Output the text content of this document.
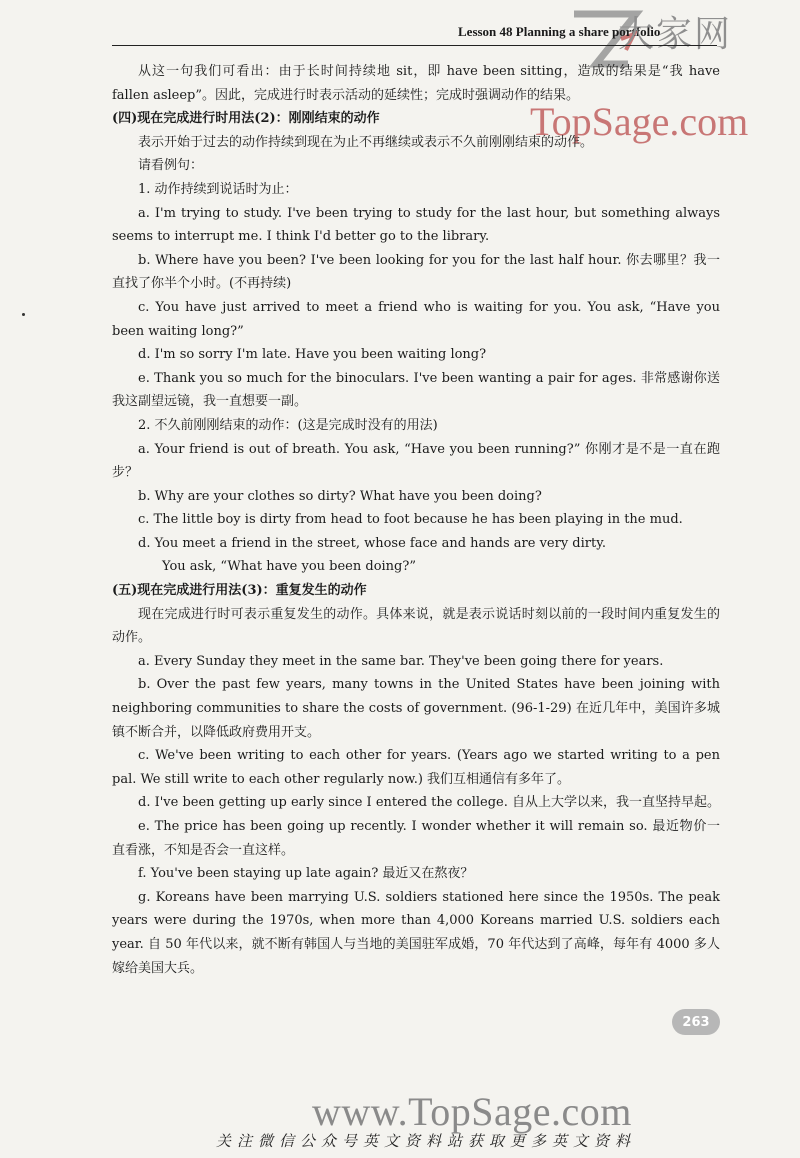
Lesson 48 Planning a share portfolio
大家网
TopSage.com

从这一句我们可看出：由于长时间持续地 sit，即 have been sitting，造成的结果是“我 have fallen asleep”。因此，完成进行时表示活动的延续性；完成时强调动作的结果。

(四)现在完成进行时用法(2)：刚刚结束的动作

表示开始于过去的动作持续到现在为止不再继续或表示不久前刚刚结束的动作。

请看例句：

1. 动作持续到说话时为止：

a. I'm trying to study. I've been trying to study for the last hour, but something always seems to interrupt me. I think I'd better go to the library.

b. Where have you been? I've been looking for you for the last half hour. 你去哪里？我一直找了你半个小时。(不再持续)

c. You have just arrived to meet a friend who is waiting for you. You ask, “Have you been waiting long?”

d. I'm so sorry I'm late. Have you been waiting long?

e. Thank you so much for the binoculars. I've been wanting a pair for ages. 非常感谢你送我这副望远镜，我一直想要一副。

2. 不久前刚刚结束的动作：(这是完成时没有的用法)

a. Your friend is out of breath. You ask, “Have you been running?” 你刚才是不是一直在跑步？

b. Why are your clothes so dirty? What have you been doing?

c. The little boy is dirty from head to foot because he has been playing in the mud.

d. You meet a friend in the street, whose face and hands are very dirty.

You ask, “What have you been doing?”

(五)现在完成进行用法(3)：重复发生的动作

现在完成进行时可表示重复发生的动作。具体来说，就是表示说话时刻以前的一段时间内重复发生的动作。

a. Every Sunday they meet in the same bar. They've been going there for years.

b. Over the past few years, many towns in the United States have been joining with neighboring communities to share the costs of government. (96-1-29) 在近几年中，美国许多城镇不断合并，以降低政府费用开支。

c. We've been writing to each other for years. (Years ago we started writing to a pen pal. We still write to each other regularly now.) 我们互相通信有多年了。

d. I've been getting up early since I entered the college. 自从上大学以来，我一直坚持早起。

e. The price has been going up recently. I wonder whether it will remain so. 最近物价一直看涨，不知是否会一直这样。

f. You've been staying up late again? 最近又在熬夜？

g. Koreans have been marrying U.S. soldiers stationed here since the 1950s. The peak years were during the 1970s, when more than 4,000 Koreans married U.S. soldiers each year. 自 50 年代以来，就不断有韩国人与当地的美国驻军成婚，70 年代达到了高峰，每年有 4000 多人嫁给美国大兵。

263
www.TopSage.com
关注微信公众号英文资料站获取更多英文资料
